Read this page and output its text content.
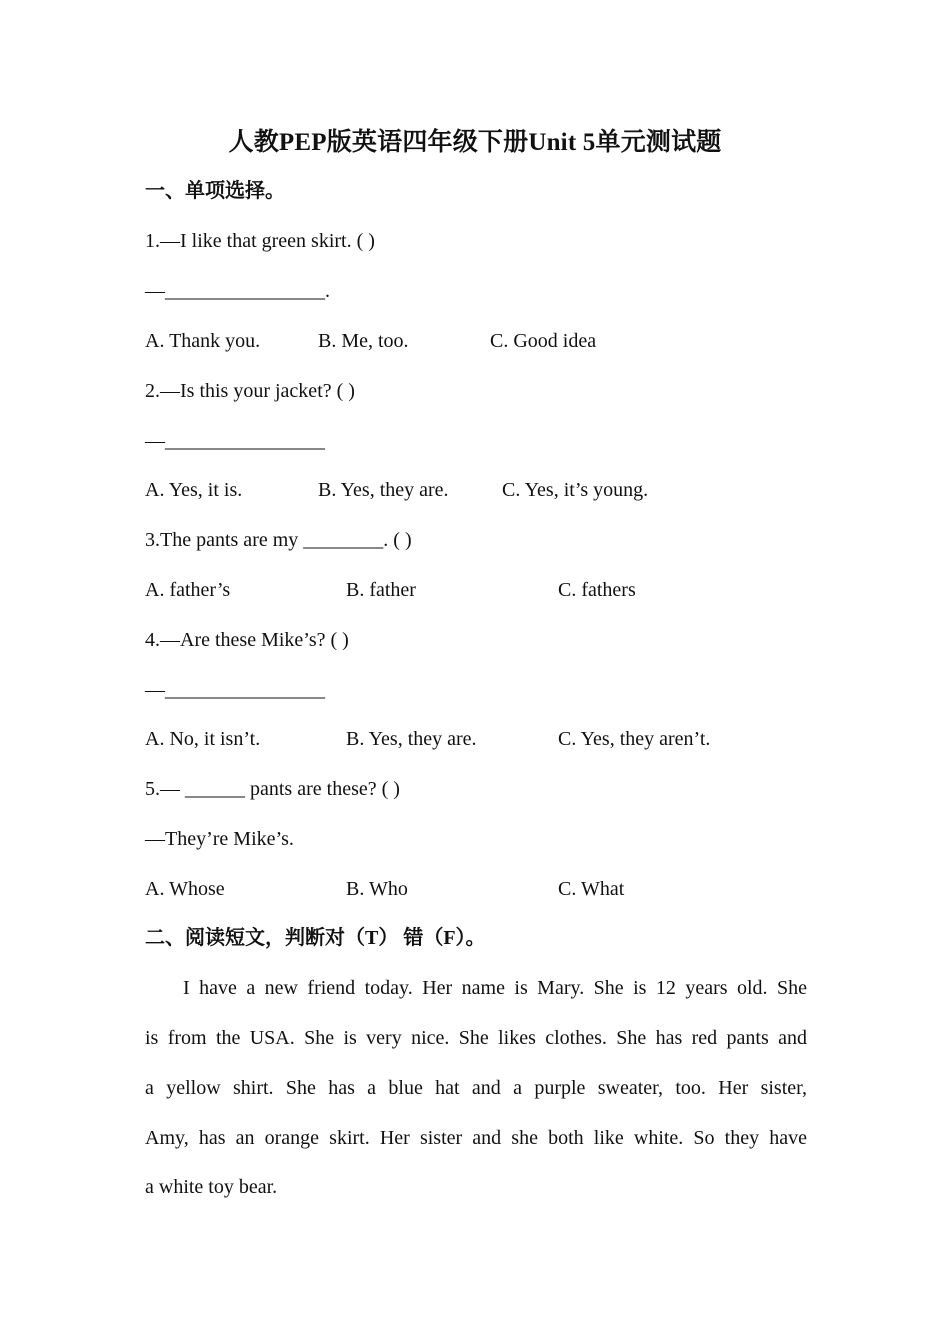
人教PEP版英语四年级下册Unit 5单元测试题
一、单项选择。
1.—I like that green skirt. ( )
—________________.
A. Thank you.	B. Me, too.	C. Good idea
2.—Is this your jacket? ( )
—________________
A. Yes, it is.	B. Yes, they are.	C. Yes, it’s young.
3.The pants are my ________. ( )
A. father’s	B. father	C. fathers
4.—Are these Mike’s? ( )
—________________
A. No, it isn’t.	B. Yes, they are.	C. Yes, they aren’t.
5.— ______ pants are these? ( )
—They’re Mike’s.
A. Whose	B. Who	C. What
二、阅读短文，判断对（T） 错（F）。
I have a new friend today. Her name is Mary. She is 12 years old. She
is from the USA. She is very nice. She likes clothes. She has red pants and
a yellow shirt. She has a blue hat and a purple sweater, too. Her sister,
Amy, has an orange skirt. Her sister and she both like white. So they have
a white toy bear.
